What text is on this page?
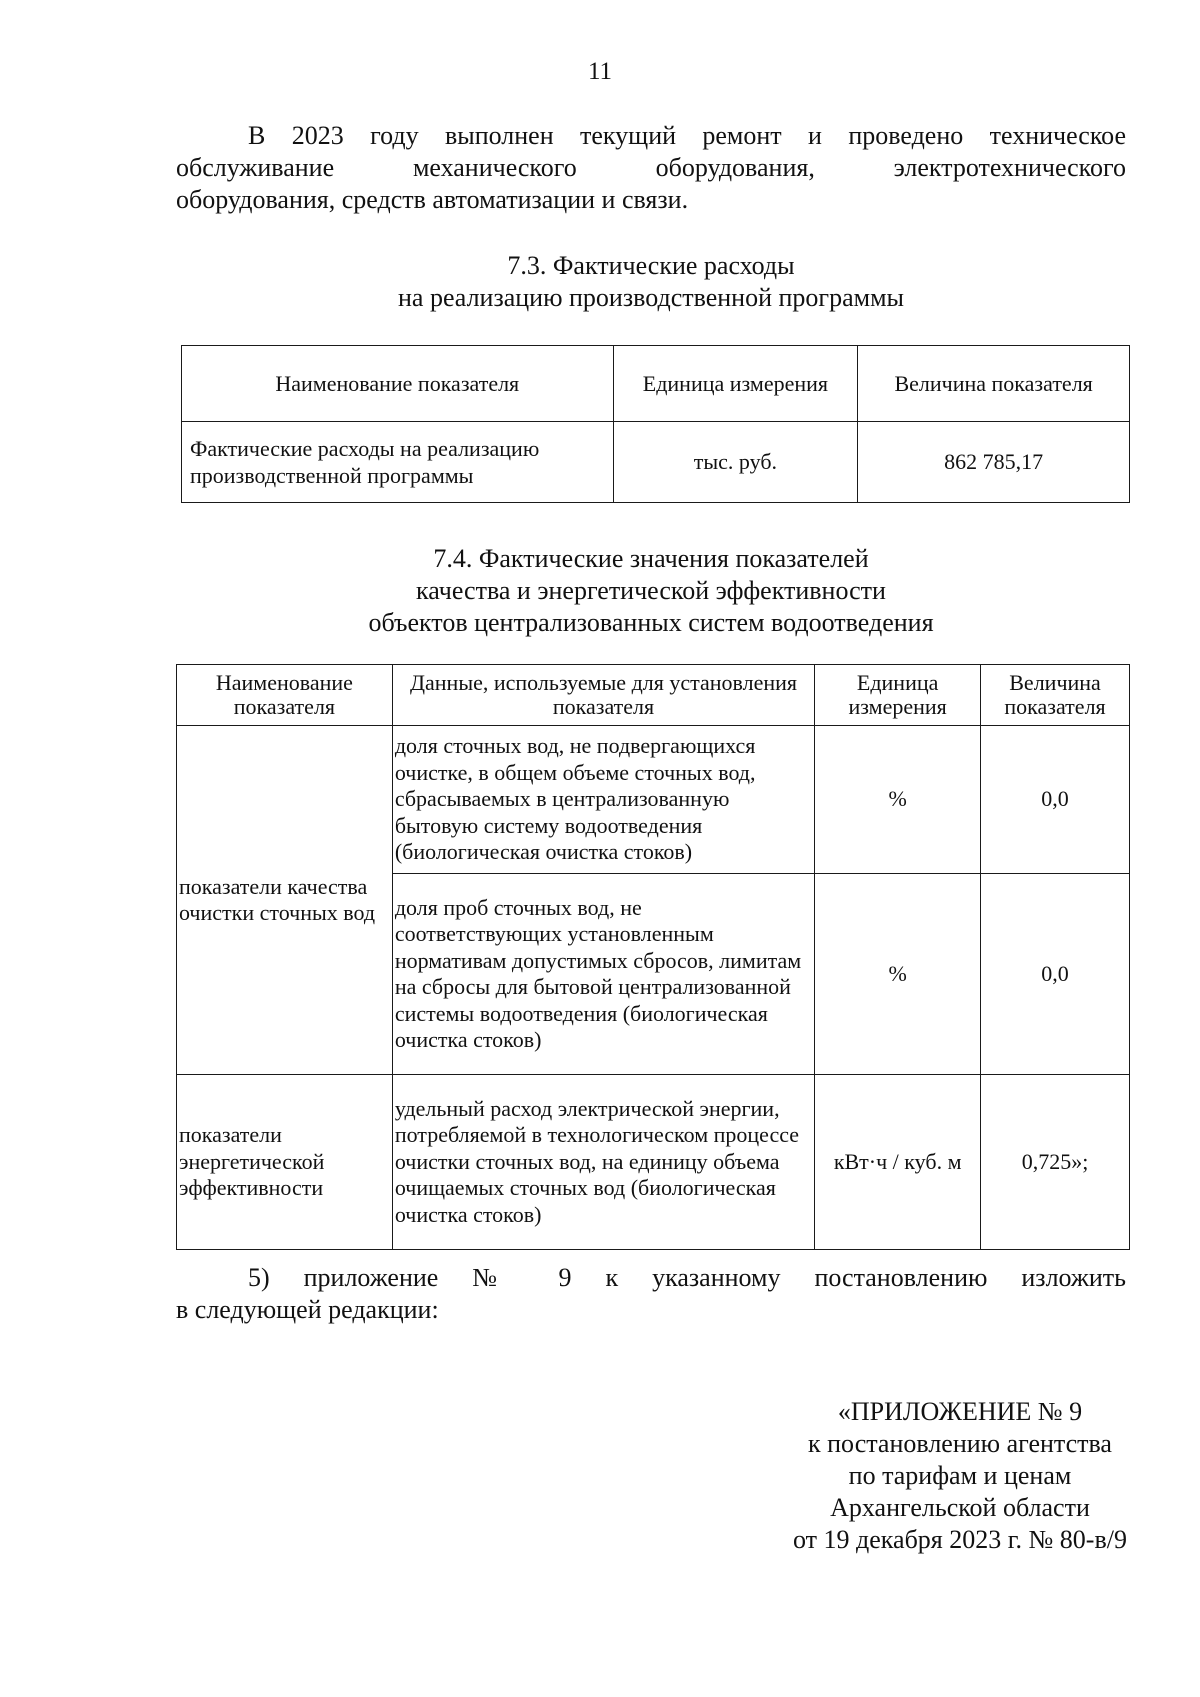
11
В 2023 году выполнен текущий ремонт и проведено техническое
обслуживание механического оборудования, электротехнического
оборудования, средств автоматизации и связи.
7.3. Фактические расходы
на реализацию производственной программы
Наименование показателя	Единица измерения	Величина показателя
Фактические расходы на реализацию производственной программы	тыс. руб.	862 785,17
7.4. Фактические значения показателей
качества и энергетической эффективности
объектов централизованных систем водоотведения
Наименование показателя	Данные, используемые для установления показателя	Единица измерения	Величина показателя
показатели качества очистки сточных вод	доля сточных вод, не подвергающихся очистке, в общем объеме сточных вод, сбрасываемых в централизованную бытовую систему водоотведения (биологическая очистка стоков)	%	0,0
	доля проб сточных вод, не соответствующих установленным нормативам допустимых сбросов, лимитам на сбросы для бытовой централизованной системы водоотведения (биологическая очистка стоков)	%	0,0
показатели энергетической эффективности	удельный расход электрической энергии, потребляемой в технологическом процессе очистки сточных вод, на единицу объема очищаемых сточных вод (биологическая очистка стоков)	кВт·ч / куб. м	0,725»;
5) приложение № 9 к указанному постановлению изложить
в следующей редакции:
«ПРИЛОЖЕНИЕ № 9
к постановлению агентства
по тарифам и ценам
Архангельской области
от 19 декабря 2023 г. № 80-в/9
